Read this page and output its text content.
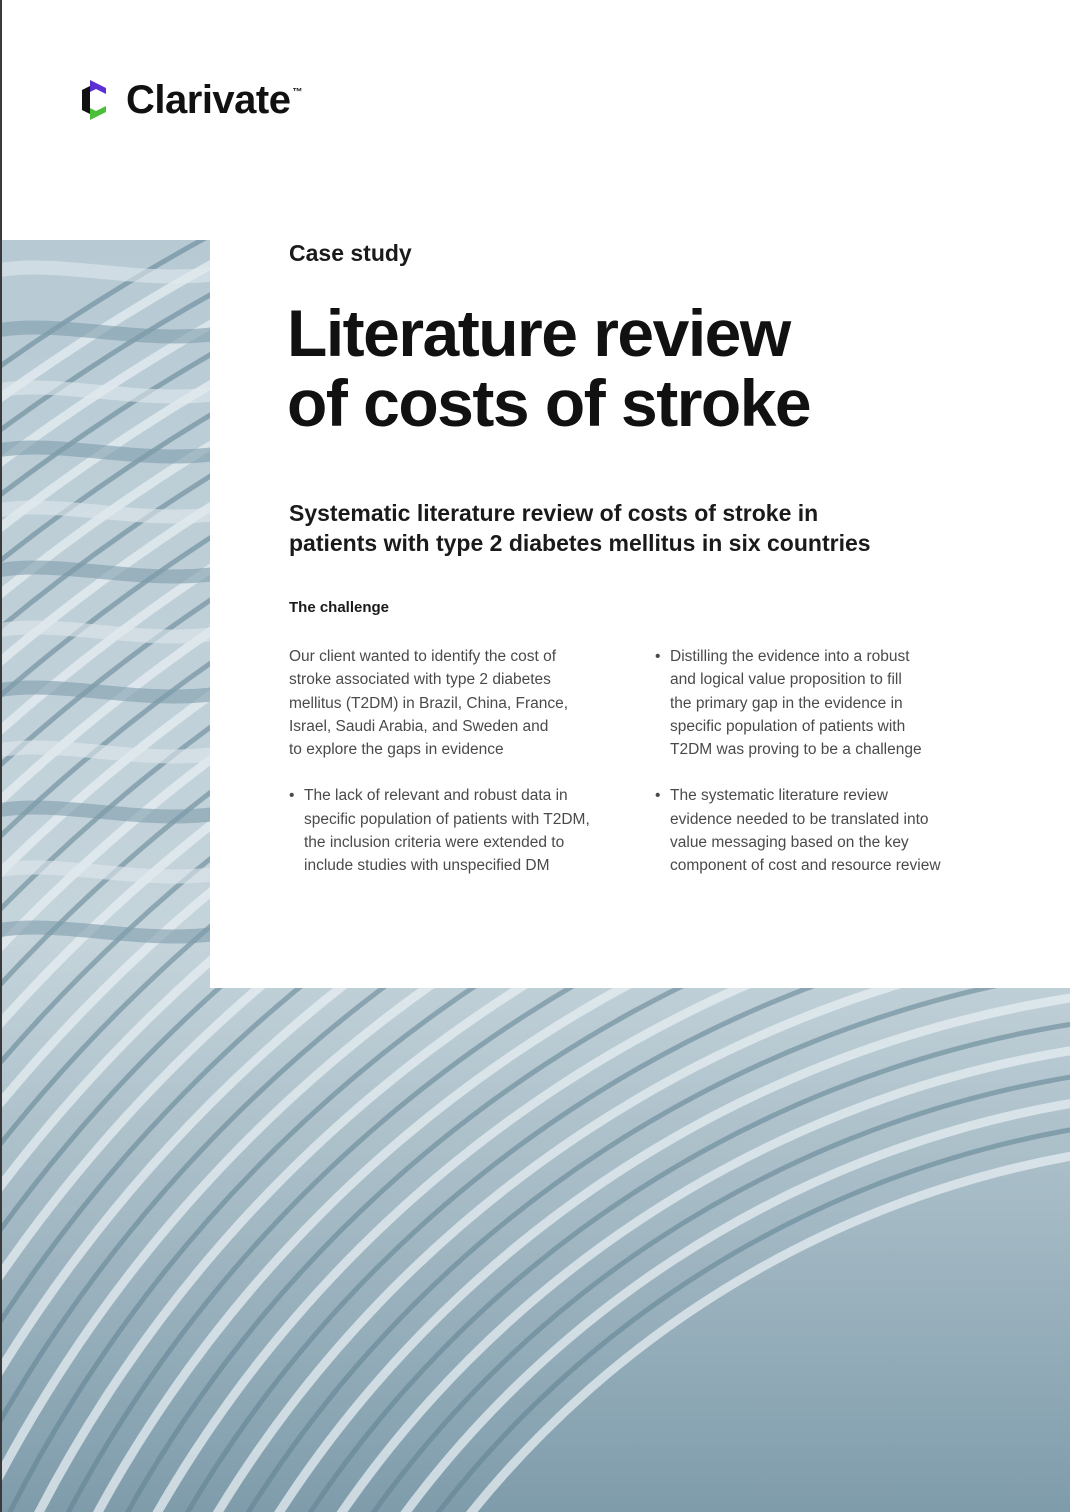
Clarivate ™
Case study
Literature review
of costs of stroke
Systematic literature review of costs of stroke in
patients with type 2 diabetes mellitus in six countries
The challenge

Our client wanted to identify the cost of
stroke associated with type 2 diabetes
mellitus (T2DM) in Brazil, China, France,
Israel, Saudi Arabia, and Sweden and
to explore the gaps in evidence

• The lack of relevant and robust data in
specific population of patients with T2DM,
the inclusion criteria were extended to
include studies with unspecified DM
• Distilling the evidence into a robust
and logical value proposition to fill
the primary gap in the evidence in
specific population of patients with
T2DM was proving to be a challenge
• The systematic literature review
evidence needed to be translated into
value messaging based on the key
component of cost and resource review
